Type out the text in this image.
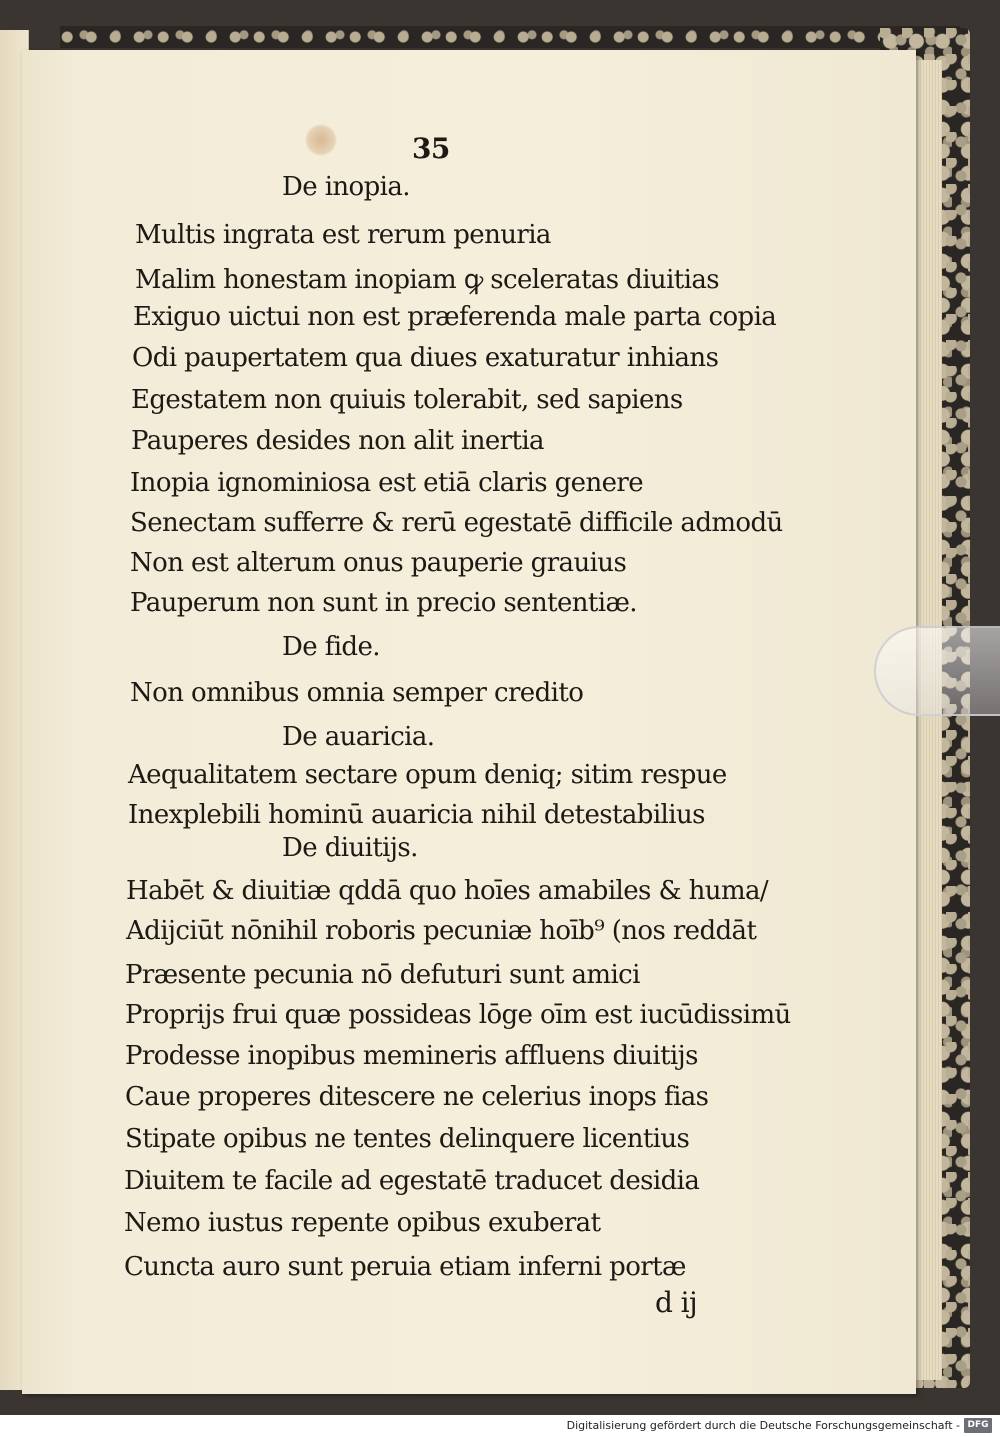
35
De inopia.
Multis ingrata est rerum penuria
Malim honestam inopiam ꝙ sceleratas diuitias
Exiguo uictui non est præferenda male parta copia
Odi paupertatem qua diues exaturatur inhians
Egestatem non quiuis tolerabit, sed sapiens
Pauperes desides non alit inertia
Inopia ignominiosa est etiā claris genere
Senectam sufferre & rerū egestatē difficile admodū
Non est alterum onus pauperie grauius
Pauperum non sunt in precio sententiæ.
De fide.
Non omnibus omnia semper credito
De auaricia.
Aequalitatem sectare opum deniq; sitim respue
Inexplebili hominū auaricia nihil detestabilius
De diuitijs.
Habēt & diuitiæ qddā quo hoīes amabiles & huma/
Adijciūt nōnihil roboris pecuniæ hoīb⁹ (nos reddāt
Præsente pecunia nō defuturi sunt amici
Proprijs frui quæ possideas lōge oīm est iucūdissimū
Prodesse inopibus memineris affluens diuitijs
Caue properes ditescere ne celerius inops fias
Stipate opibus ne tentes delinquere licentius
Diuitem te facile ad egestatē traducet desidia
Nemo iustus repente opibus exuberat
Cuncta auro sunt peruia etiam inferni portæ
d ij
Digitalisierung gefördert durch die Deutsche Forschungsgemeinschaft - DFG
